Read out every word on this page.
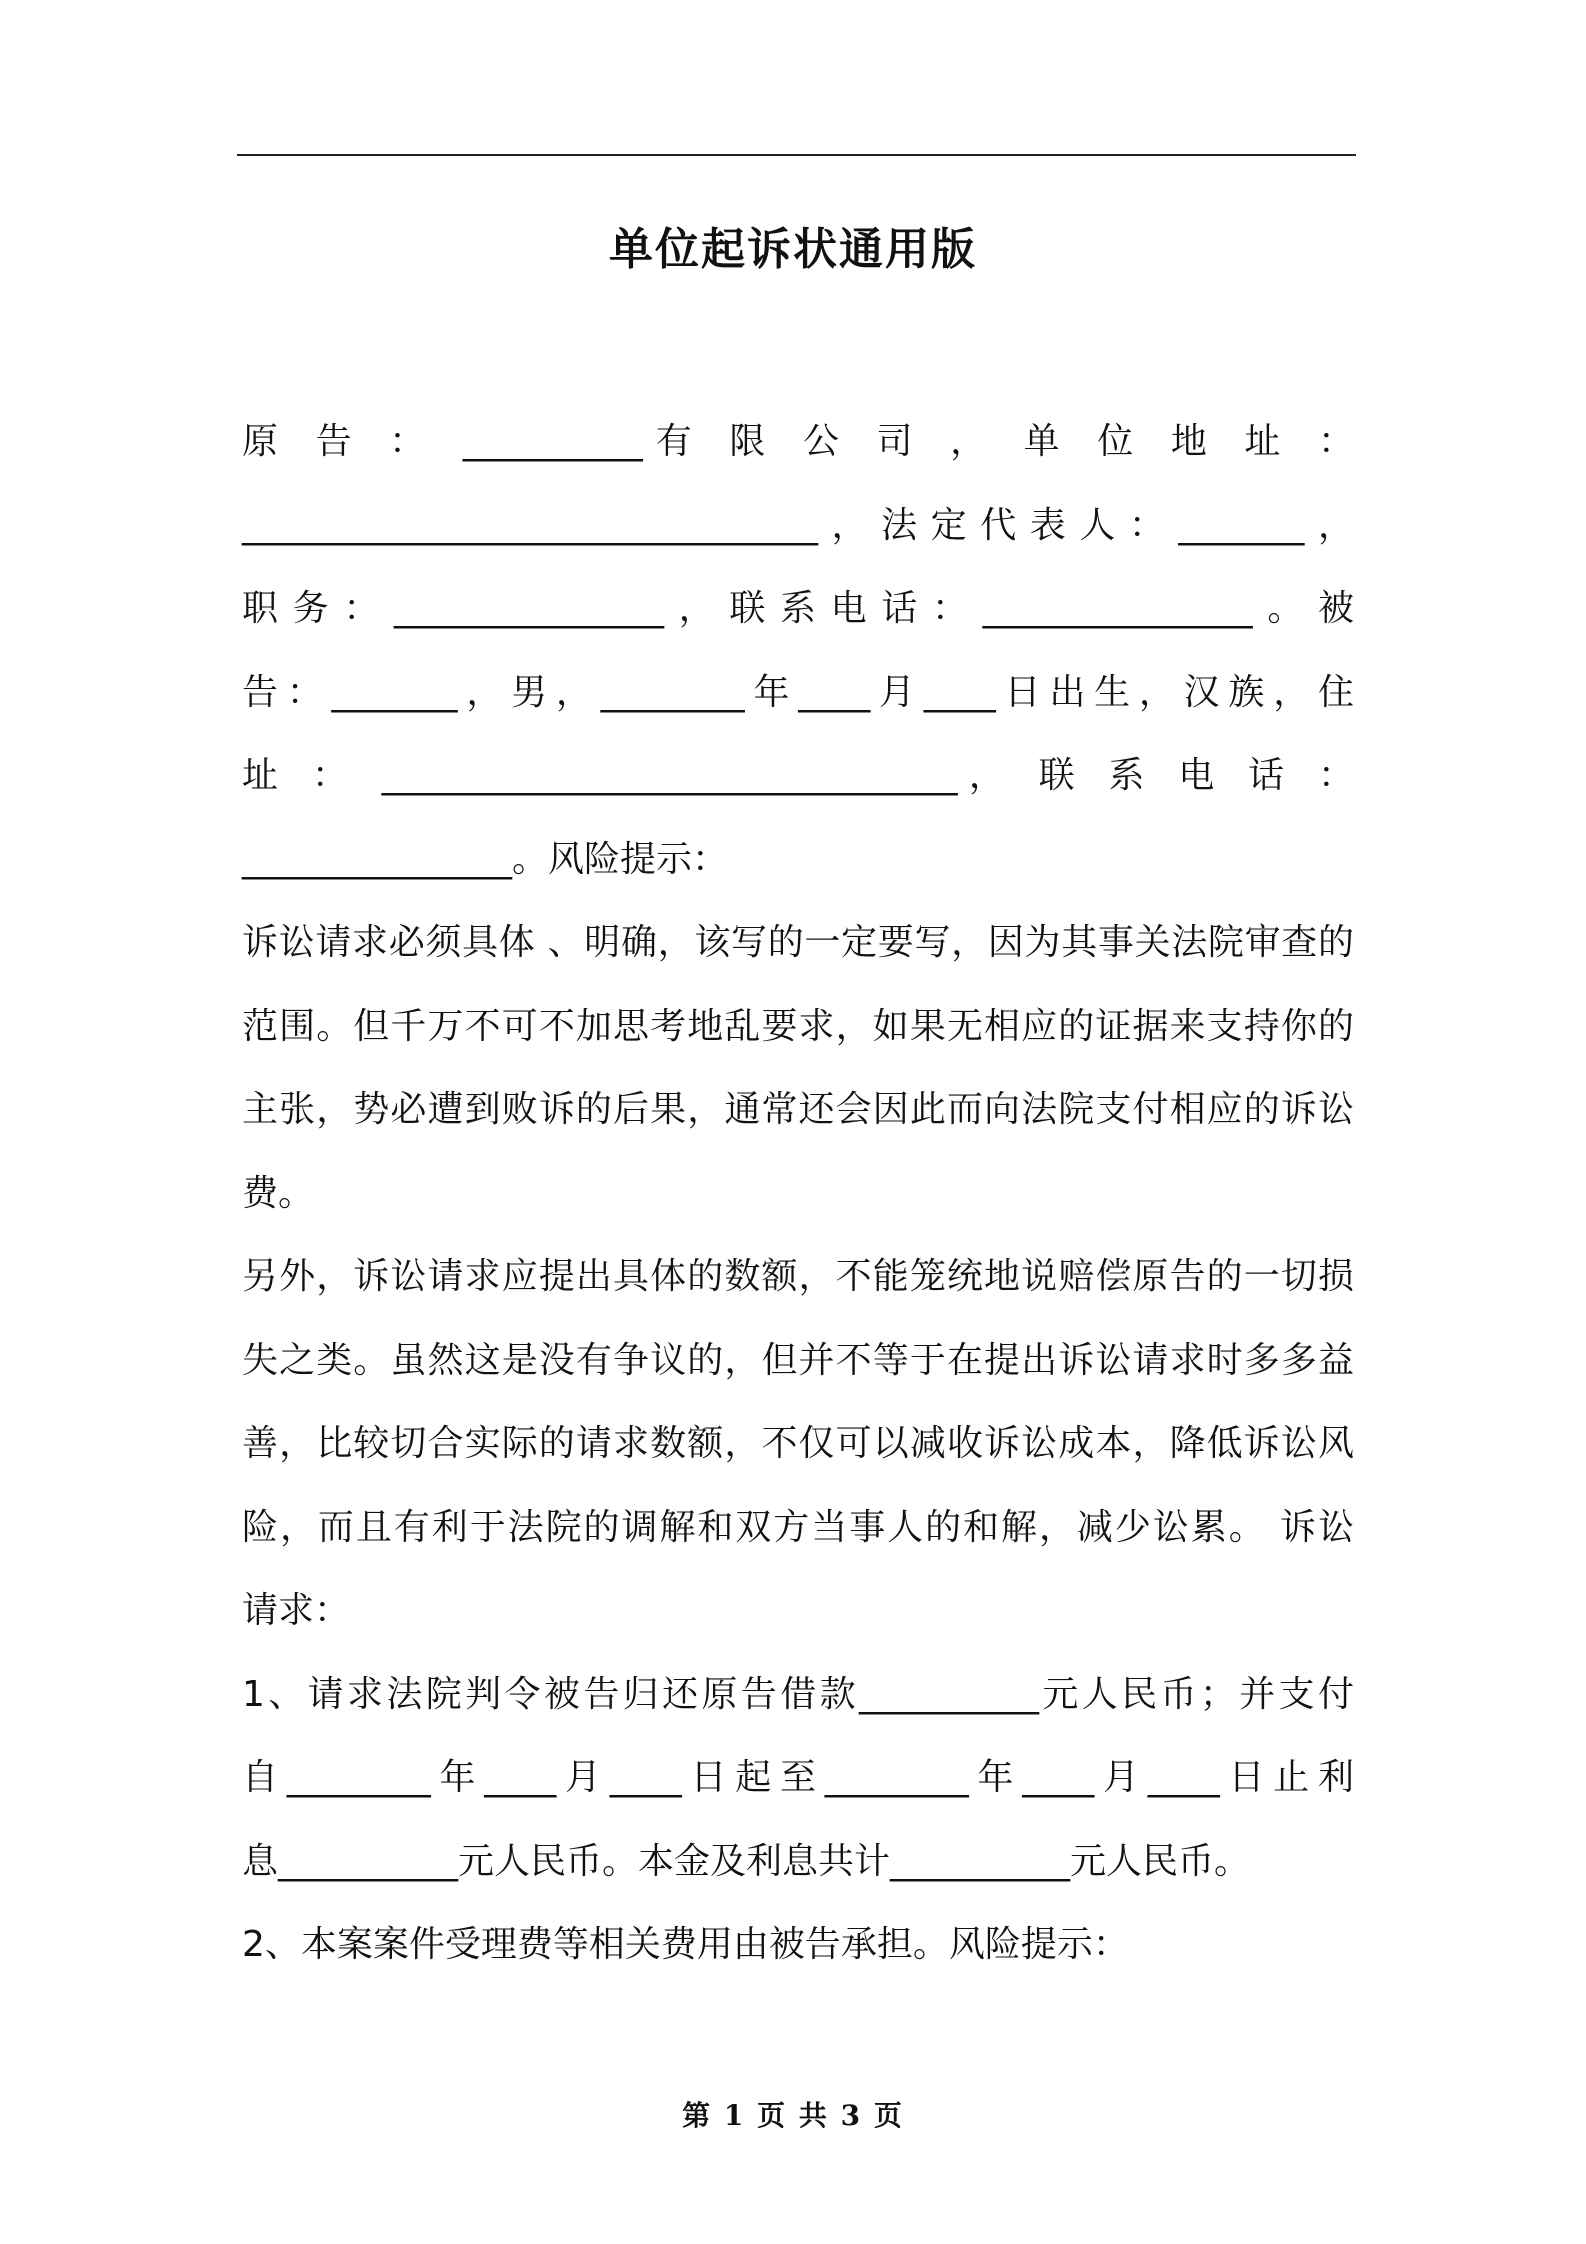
单位起诉状通用版

原 告 ： __________有 限 公 司 ， 单 位 地 址 ：

________________________________，法定代表人：_______，

职务：_______________，联系电话：_______________。被

告：_______，男，________年____月____日出生，汉族，住

址 ： ________________________________， 联 系 电 话 ：

_______________。风险提示：

诉讼请求必须具体 、明确，该写的一定要写，因为其事关法院审查的

范围。但千万不可不加思考地乱要求，如果无相应的证据来支持你的

主张，势必遭到败诉的后果，通常还会因此而向法院支付相应的诉讼

费。

另外，诉讼请求应提出具体的数额，不能笼统地说赔偿原告的一切损

失之类。虽然这是没有争议的，但并不等于在提出诉讼请求时多多益

善，比较切合实际的请求数额，不仅可以减收诉讼成本，降低诉讼风

险，而且有利于法院的调解和双方当事人的和解，减少讼累。 诉讼

请求：

1、请求法院判令被告归还原告借款__________元人民币；并支付

自________年____月____日起至________年____月____日止利

息__________元人民币。本金及利息共计__________元人民币。

2、本案案件受理费等相关费用由被告承担。风险提示：

第 1 页 共 3 页
